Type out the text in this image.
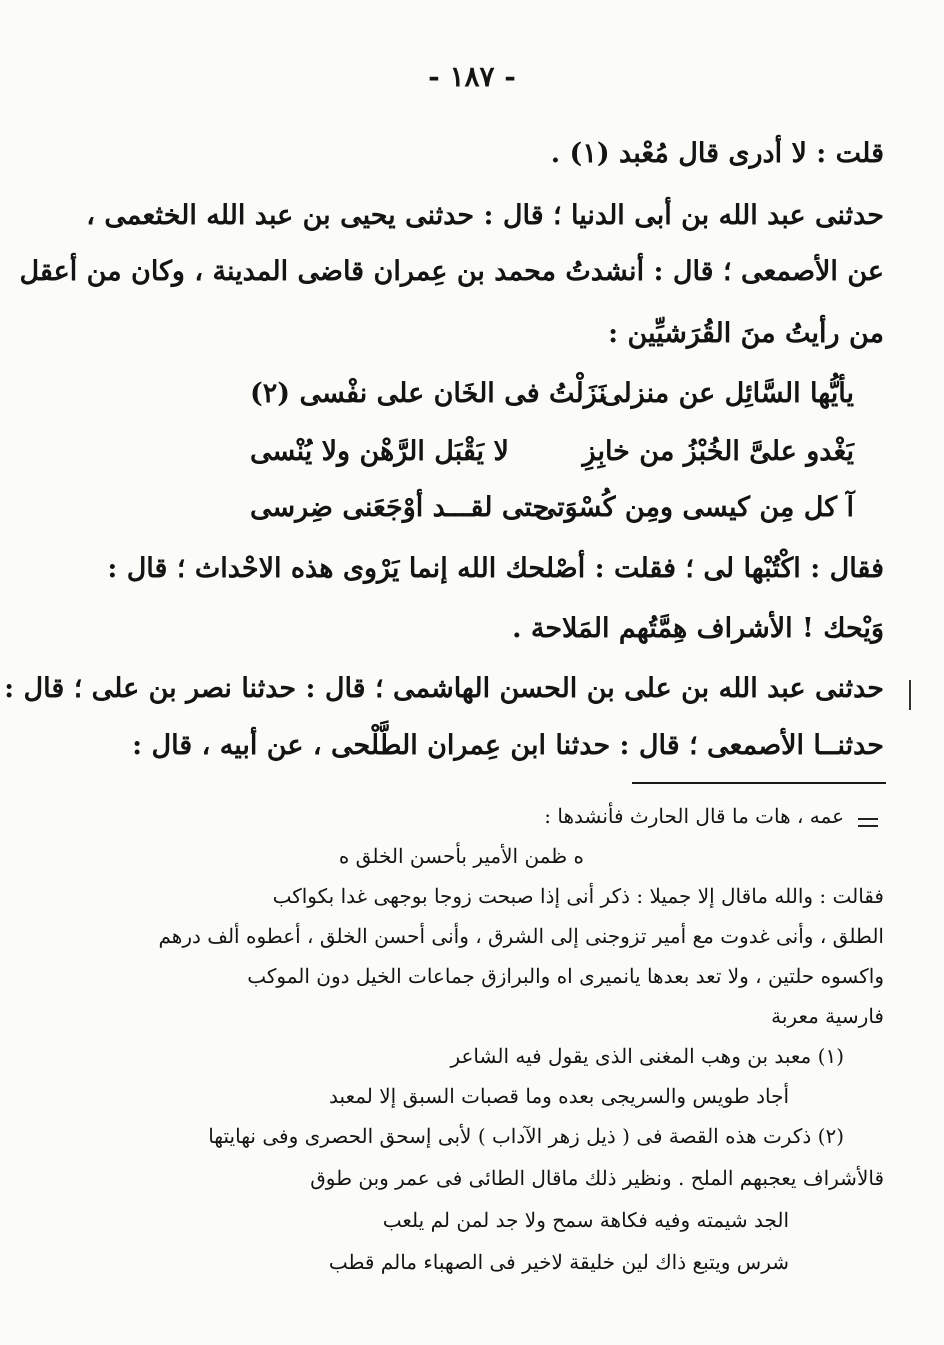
- ١٨٧ -
قلت : لا أدرى قال مُعْبد (١) .
حدثنى عبد الله بن أبى الدنيا ؛ قال : حدثنى يحيى بن عبد الله الخثعمى ،
عن الأصمعى ؛ قال : أنشدتُ محمد بن عِمران قاضى المدينة ، وكان من أعقل
من رأيتُ منَ القُرَشيِّين :
يأيُّها السَّائِل عن منزلى
نَزَلْتُ فى الخَان على نفْسى (٢)
يَغْدو علىَّ الخُبْزُ من خابِزِ
لا يَقْبَل الرَّهْن ولا يُنْسى
آ كل مِن كيسى ومِن كُسْوَتى
حتى لقـــد أوْجَعَنى ضِرسى
فقال : اكْتُبْها لى ؛ فقلت : أصْلحك الله إنما يَرْوى هذه الاحْداث ؛ قال :
وَيْحك ! الأشراف هِمَّتُهم المَلاحة .
حدثنى عبد الله بن على بن الحسن الهاشمى ؛ قال : حدثنا نصر بن على ؛ قال :
حدثنــا الأصمعى ؛ قال : حدثنا ابن عِمران الطَّلْحى ، عن أبيه ، قال :
عمه ، هات ما قال الحارث فأنشدها :
ه ظمن الأمير بأحسن الخلق ه
فقالت : والله ماقال إلا جميلا : ذكر أنى إذا صبحت زوجا بوجهى غدا بكواكب
الطلق ، وأنى غدوت مع أمير تزوجنى إلى الشرق ، وأنى أحسن الخلق ، أعطوه ألف درهم
واكسوه حلتين ، ولا تعد بعدها يانميرى اه والبرازق جماعات الخيل دون الموكب
فارسية معربة
(١) معبد بن وهب المغنى الذى يقول فيه الشاعر
أجاد طويس والسريجى بعده وما قصبات السبق إلا لمعبد
(٢) ذكرت هذه القصة فى ( ذيل زهر الآداب ) لأبى إسحق الحصرى وفى نهايتها
قالأشراف يعجبهم الملح . ونظير ذلك ماقال الطائى فى عمر وبن طوق
الجد شيمته وفيه فكاهة سمح ولا جد لمن لم يلعب
شرس ويتبع ذاك لين خليقة لاخير فى الصهباء مالم قطب
